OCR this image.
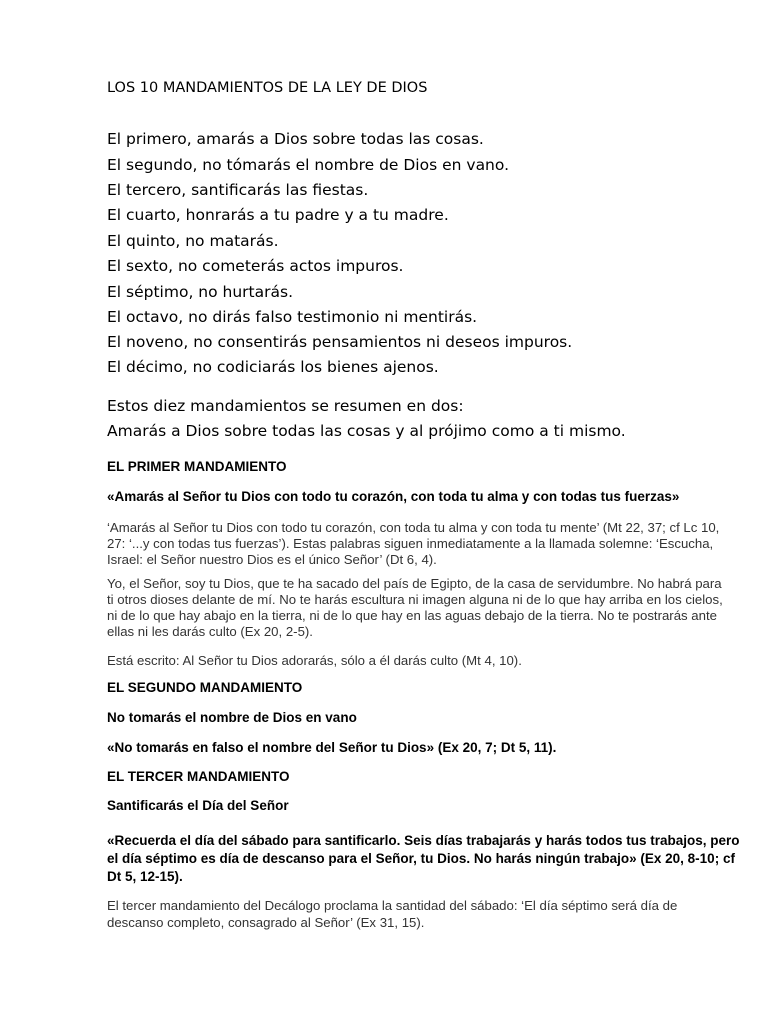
LOS 10 MANDAMIENTOS DE LA LEY DE DIOS
El primero, amarás a Dios sobre todas las cosas.
El segundo, no tómarás el nombre de Dios en vano.
El tercero, santificarás las fiestas.
El cuarto, honrarás a tu padre y a tu madre.
El quinto, no matarás.
El sexto, no cometerás actos impuros.
El séptimo, no hurtarás.
El octavo, no dirás falso testimonio ni mentirás.
El noveno, no consentirás pensamientos ni deseos impuros.
El décimo, no codiciarás los bienes ajenos.
Estos diez mandamientos se resumen en dos:
Amarás a Dios sobre todas las cosas y al prójimo como a ti mismo.
EL PRIMER MANDAMIENTO
«Amarás al Señor tu Dios con todo tu corazón, con toda tu alma y con todas tus fuerzas»
‘Amarás al Señor tu Dios con todo tu corazón, con toda tu alma y con toda tu mente’ (Mt 22, 37; cf Lc 10,
27: ‘...y con todas tus fuerzas’). Estas palabras siguen inmediatamente a la llamada solemne: ‘Escucha,
Israel: el Señor nuestro Dios es el único Señor’ (Dt 6, 4).
Yo, el Señor, soy tu Dios, que te ha sacado del país de Egipto, de la casa de servidumbre. No habrá para
ti otros dioses delante de mí. No te harás escultura ni imagen alguna ni de lo que hay arriba en los cielos,
ni de lo que hay abajo en la tierra, ni de lo que hay en las aguas debajo de la tierra. No te postrarás ante
ellas ni les darás culto (Ex 20, 2-5).
Está escrito: Al Señor tu Dios adorarás, sólo a él darás culto (Mt 4, 10).
EL SEGUNDO MANDAMIENTO
No tomarás el nombre de Dios en vano
«No tomarás en falso el nombre del Señor tu Dios» (Ex 20, 7; Dt 5, 11).
EL TERCER MANDAMIENTO
Santificarás el Día del Señor
«Recuerda el día del sábado para santificarlo. Seis días trabajarás y harás todos tus trabajos, pero
el día séptimo es día de descanso para el Señor, tu Dios. No harás ningún trabajo» (Ex 20, 8-10; cf
Dt 5, 12-15).
El tercer mandamiento del Decálogo proclama la santidad del sábado: ‘El día séptimo será día de
descanso completo, consagrado al Señor’ (Ex 31, 15).
